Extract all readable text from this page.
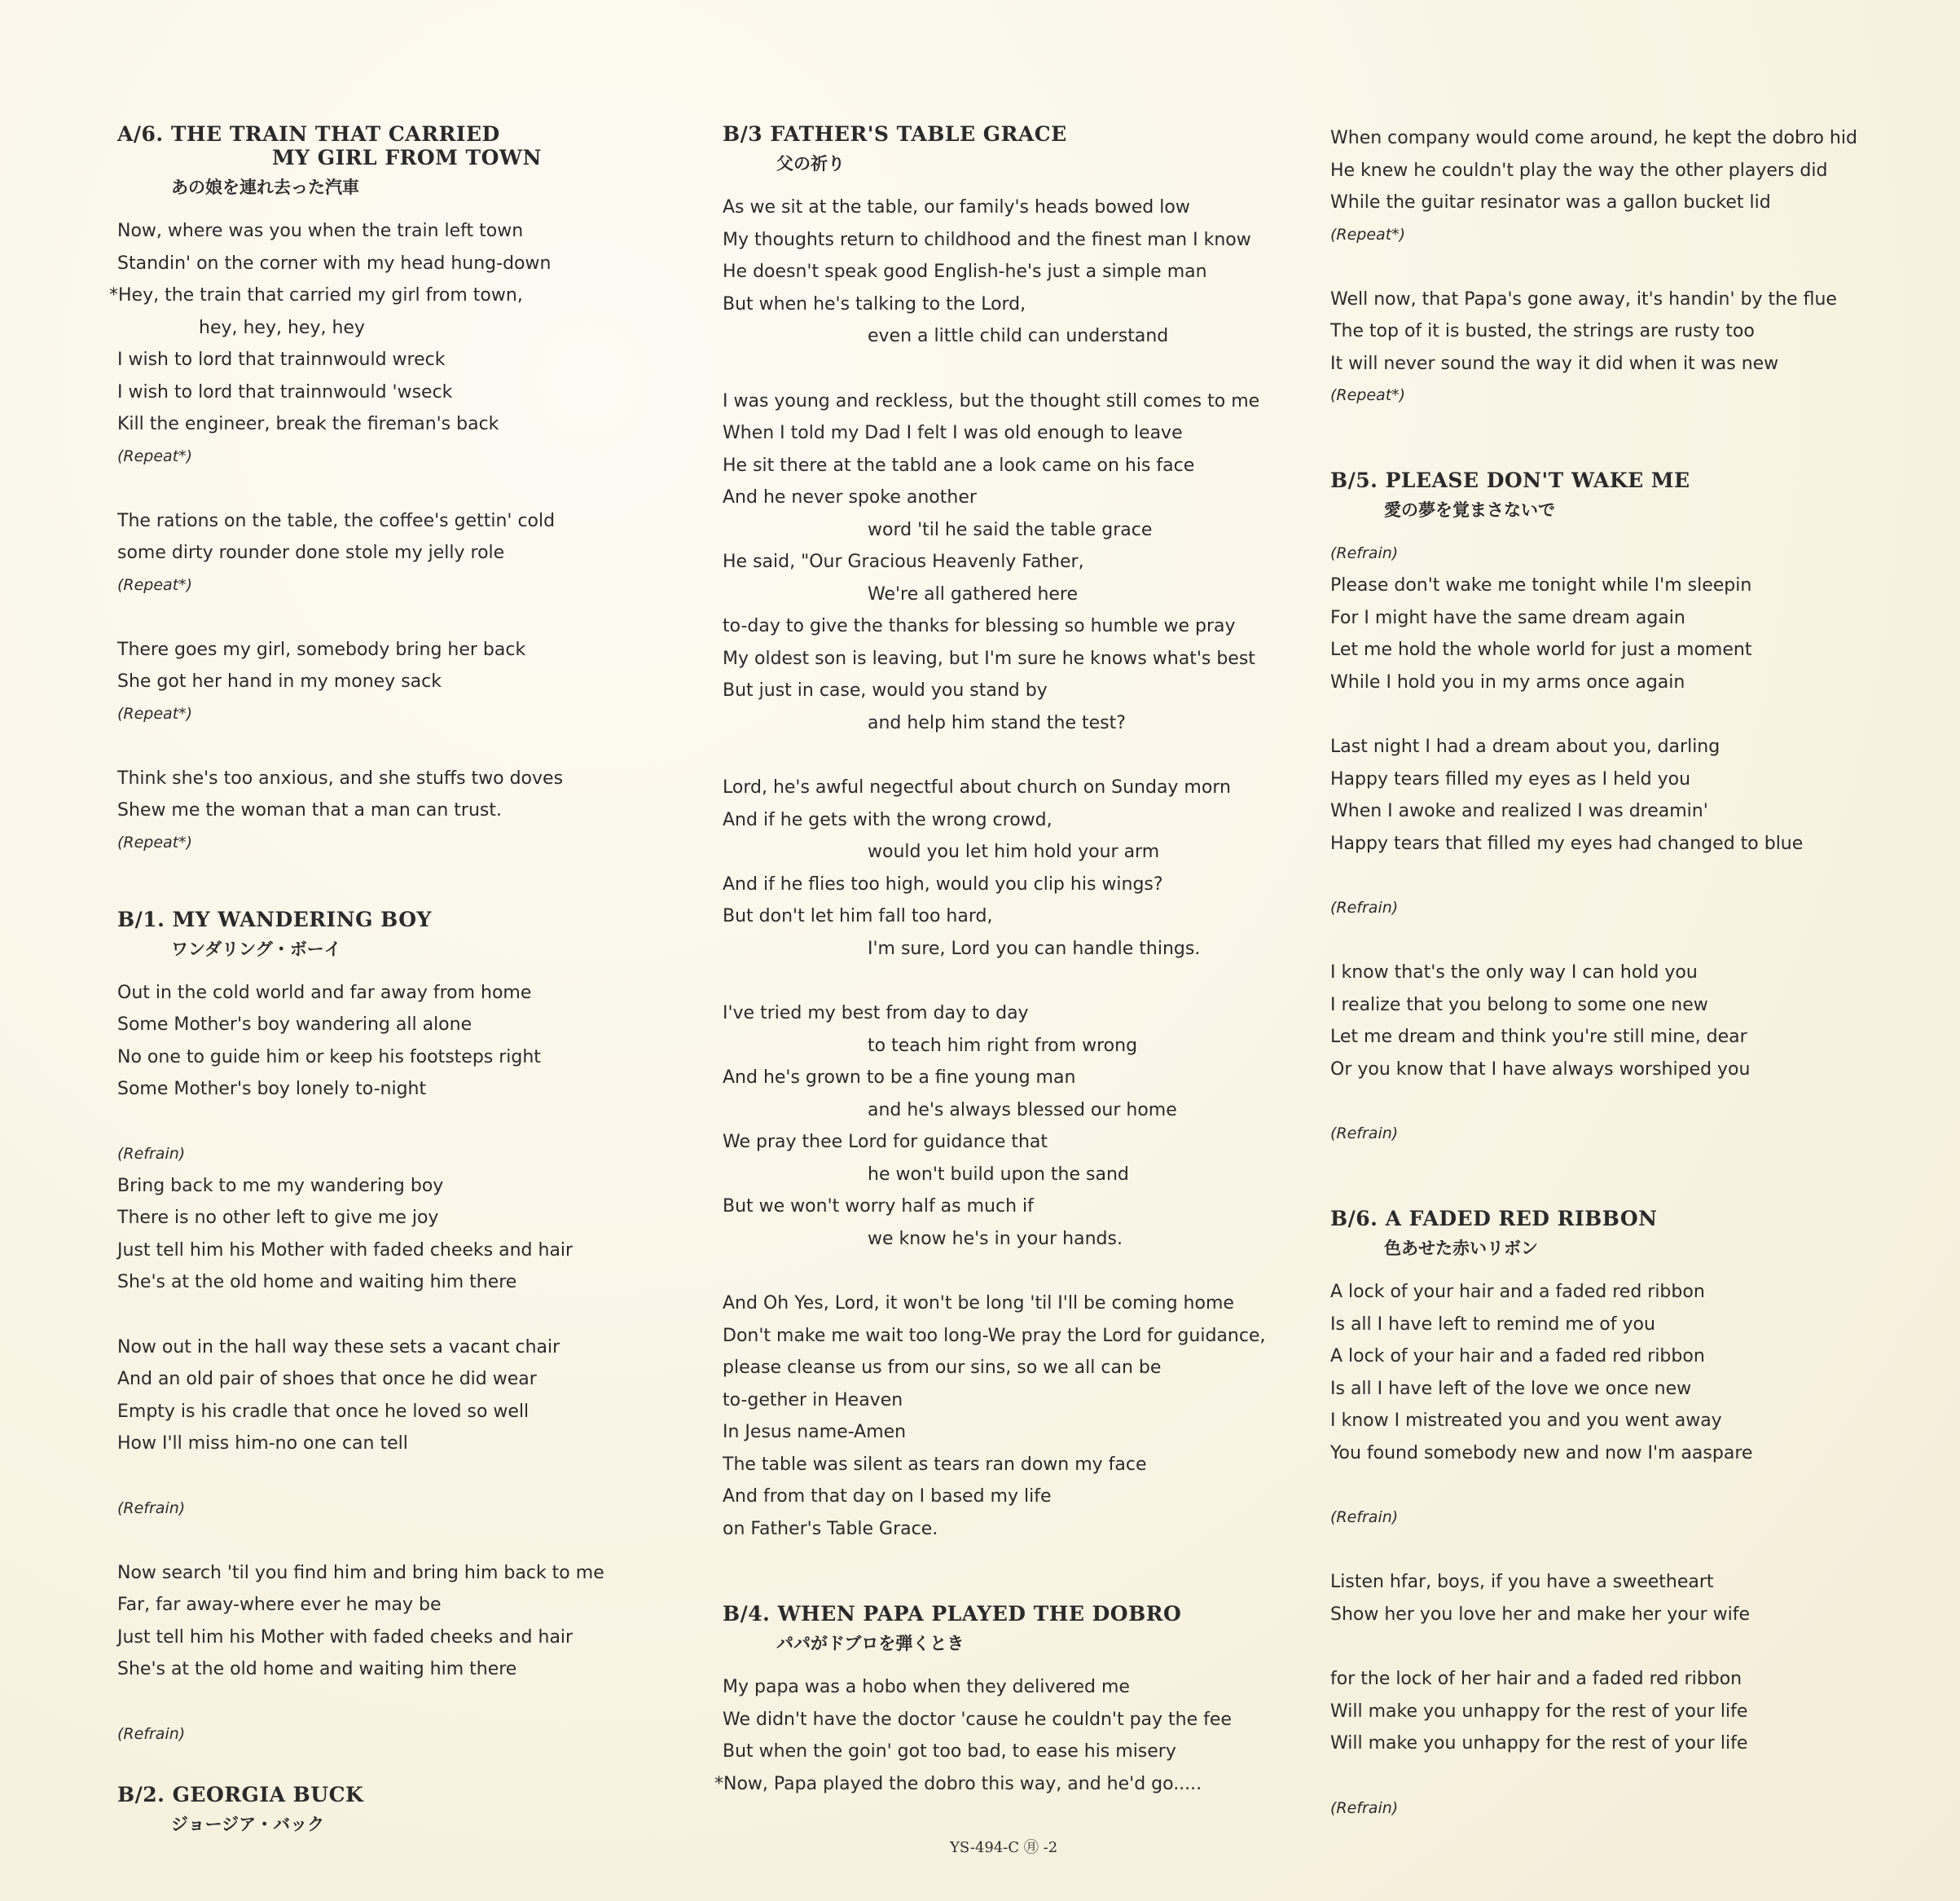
A/6. THE TRAIN THAT CARRIED
MY GIRL FROM TOWN
あの娘を連れ去った汽車
Now, where was you when the train left town
Standin' on the corner with my head hung-down
*Hey, the train that carried my girl from town,
hey, hey, hey, hey
I wish to lord that trainnwould wreck
I wish to lord that trainnwould 'wseck
Kill the engineer, break the fireman's back
(Repeat*)
The rations on the table, the coffee's gettin' cold
some dirty rounder done stole my jelly role
(Repeat*)
There goes my girl, somebody bring her back
She got her hand in my money sack
(Repeat*)
Think she's too anxious, and she stuffs two doves
Shew me the woman that a man can trust.
(Repeat*)
B/1. MY WANDERING BOY
ワンダリング・ボーイ
Out in the cold world and far away from home
Some Mother's boy wandering all alone
No one to guide him or keep his footsteps right
Some Mother's boy lonely to-night
(Refrain)
Bring back to me my wandering boy
There is no other left to give me joy
Just tell him his Mother with faded cheeks and hair
She's at the old home and waiting him there
Now out in the hall way these sets a vacant chair
And an old pair of shoes that once he did wear
Empty is his cradle that once he loved so well
How I'll miss him-no one can tell
(Refrain)
Now search 'til you find him and bring him back to me
Far, far away-where ever he may be
Just tell him his Mother with faded cheeks and hair
She's at the old home and waiting him there
(Refrain)
B/2. GEORGIA BUCK
ジョージア・バック
B/3 FATHER'S TABLE GRACE
父の祈り
As we sit at the table, our family's heads bowed low
My thoughts return to childhood and the finest man I know
He doesn't speak good English-he's just a simple man
But when he's talking to the Lord,
even a little child can understand
I was young and reckless, but the thought still comes to me
When I told my Dad I felt I was old enough to leave
He sit there at the tabld ane a look came on his face
And he never spoke another
word 'til he said the table grace
He said, "Our Gracious Heavenly Father,
We're all gathered here
to-day to give the thanks for blessing so humble we pray
My oldest son is leaving, but I'm sure he knows what's best
But just in case, would you stand by
and help him stand the test?
Lord, he's awful negectful about church on Sunday morn
And if he gets with the wrong crowd,
would you let him hold your arm
And if he flies too high, would you clip his wings?
But don't let him fall too hard,
I'm sure, Lord you can handle things.
I've tried my best from day to day
to teach him right from wrong
And he's grown to be a fine young man
and he's always blessed our home
We pray thee Lord for guidance that
he won't build upon the sand
But we won't worry half as much if
we know he's in your hands.
And Oh Yes, Lord, it won't be long 'til I'll be coming home
Don't make me wait too long-We pray the Lord for guidance,
please cleanse us from our sins, so we all can be
to-gether in Heaven
In Jesus name-Amen
The table was silent as tears ran down my face
And from that day on I based my life
on Father's Table Grace.
B/4. WHEN PAPA PLAYED THE DOBRO
パパがドブロを弾くとき
My papa was a hobo when they delivered me
We didn't have the doctor 'cause he couldn't pay the fee
But when the goin' got too bad, to ease his misery
*Now, Papa played the dobro this way, and he'd go.....
When company would come around, he kept the dobro hid
He knew he couldn't play the way the other players did
While the guitar resinator was a gallon bucket lid
(Repeat*)
Well now, that Papa's gone away, it's handin' by the flue
The top of it is busted, the strings are rusty too
It will never sound the way it did when it was new
(Repeat*)
B/5. PLEASE DON'T WAKE ME
愛の夢を覚まさないで
(Refrain)
Please don't wake me tonight while I'm sleepin
For I might have the same dream again
Let me hold the whole world for just a moment
While I hold you in my arms once again
Last night I had a dream about you, darling
Happy tears filled my eyes as I held you
When I awoke and realized I was dreamin'
Happy tears that filled my eyes had changed to blue
(Refrain)
I know that's the only way I can hold you
I realize that you belong to some one new
Let me dream and think you're still mine, dear
Or you know that I have always worshiped you
(Refrain)
B/6. A FADED RED RIBBON
色あせた赤いリボン
A lock of your hair and a faded red ribbon
Is all I have left to remind me of you
A lock of your hair and a faded red ribbon
Is all I have left of the love we once new
I know I mistreated you and you went away
You found somebody new and now I'm aaspare
(Refrain)
Listen hfar, boys, if you have a sweetheart
Show her you love her and make her your wife
for the lock of her hair and a faded red ribbon
Will make you unhappy for the rest of your life
Will make you unhappy for the rest of your life
(Refrain)
YS-494-C ㊊ -2
